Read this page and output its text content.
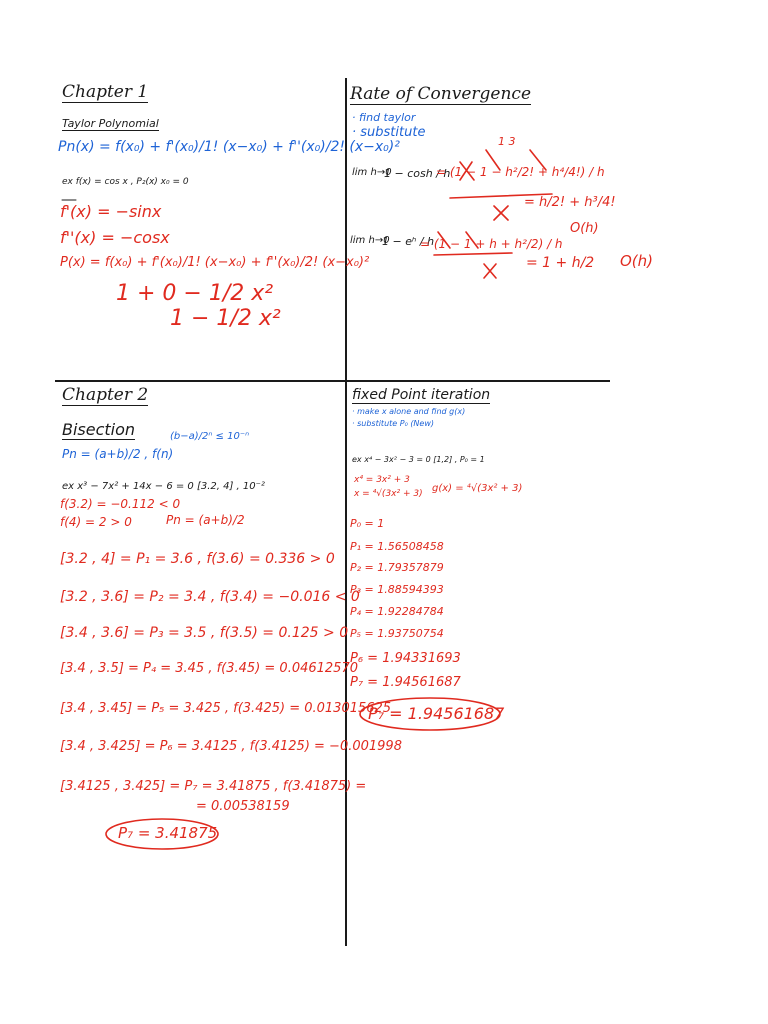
Chapter 1
Taylor Polynomial
Pn(x) = f(x₀) + f'(x₀)/1! (x−x₀) + f''(x₀)/2! (x−x₀)²
ex f(x) = cos x , P₂(x) x₀ = 0
f'(x) = −sinx
f''(x) = −cosx
P(x) = f(x₀) + f'(x₀)/1! (x−x₀) + f''(x₀)/2! (x−x₀)²
1 + 0 − 1/2 x²
1 − 1/2 x²
Rate of Convergence
· find taylor
· substitute
1 3
lim h→0
1 − cosh / h
= (1 − 1 − h²/2! + h⁴/4!) / h
= h/2! + h³/4!
O(h)
lim h→0
1 − eʰ / h
= (1 − 1 + h + h²/2) / h
= 1 + h/2 O(h)
Chapter 2
Bisection
Pn = (a+b)/2 , f(n)
(b−a)/2ⁿ ≤ 10⁻ⁿ
ex x³ − 7x² + 14x − 6 = 0 [3.2, 4] , 10⁻²
f(3.2) = −0.112 < 0
f(4) = 2 > 0	Pn = (a+b)/2
[3.2 , 4] = P₁ = 3.6 , f(3.6) = 0.336 > 0
[3.2 , 3.6] = P₂ = 3.4 , f(3.4) = −0.016 < 0
[3.4 , 3.6] = P₃ = 3.5 , f(3.5) = 0.125 > 0
[3.4 , 3.5] = P₄ = 3.45 , f(3.45) = 0.04612570
[3.4 , 3.45] = P₅ = 3.425 , f(3.425) = 0.013015625
[3.4 , 3.425] = P₆ = 3.4125 , f(3.4125) = −0.001998
[3.4125 , 3.425] = P₇ = 3.41875 , f(3.41875) =
= 0.00538159
P₇ = 3.41875
fixed Point iteration
· make x alone and find g(x)
· substitute P₀ (New)
ex x⁴ − 3x² − 3 = 0 [1,2] , P₀ = 1
x⁴ = 3x² + 3
x = ⁴√(3x² + 3) g(x) = ⁴√(3x² + 3)
P₀ = 1
P₁ = 1.56508458
P₂ = 1.79357879
P₃ = 1.88594393
P₄ = 1.92284784
P₅ = 1.93750754
P₆ = 1.94331693
P₇ = 1.94561687
P₇ = 1.94561687
